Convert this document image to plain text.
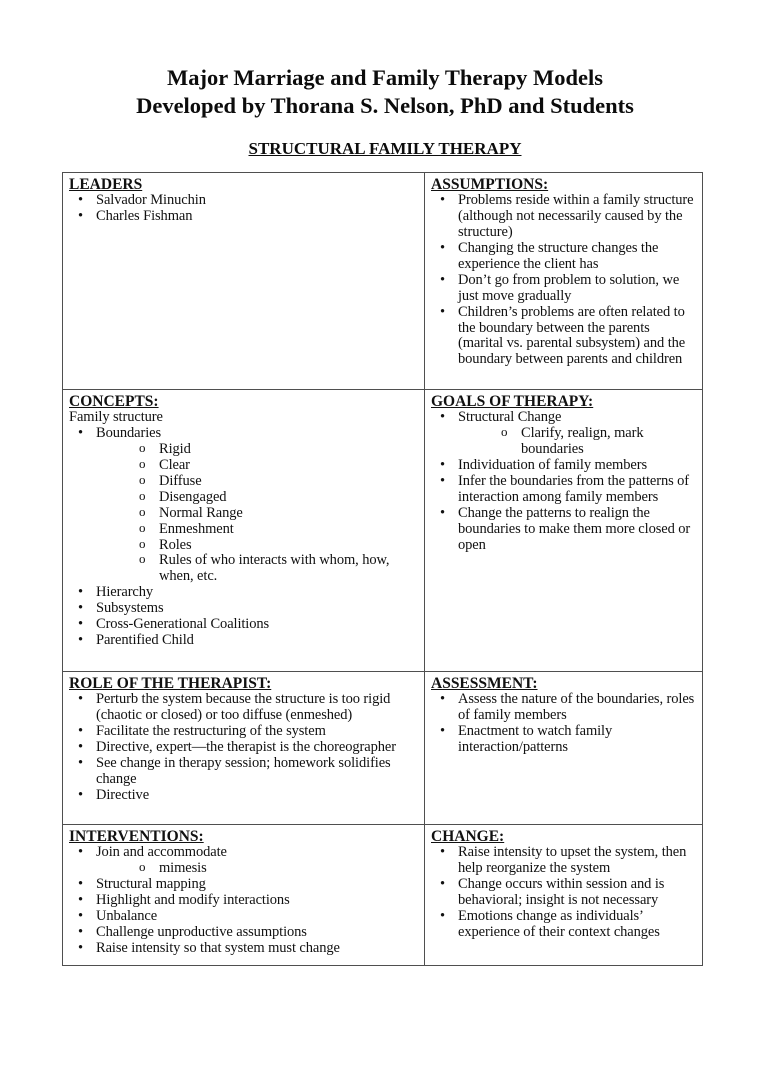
Major Marriage and Family Therapy Models
Developed by Thorana S. Nelson, PhD and Students
STRUCTURAL FAMILY THERAPY
LEADERS
• Salvador Minuchin
• Charles Fishman
ASSUMPTIONS:
• Problems reside within a family structure (although not necessarily caused by the structure)
• Changing the structure changes the experience the client has
• Don’t go from problem to solution, we just move gradually
• Children’s problems are often related to the boundary between the parents (marital vs. parental subsystem) and the boundary between parents and children
CONCEPTS:
Family structure
• Boundaries
o Rigid
o Clear
o Diffuse
o Disengaged
o Normal Range
o Enmeshment
o Roles
o Rules of who interacts with whom, how, when, etc.
• Hierarchy
• Subsystems
• Cross-Generational Coalitions
• Parentified Child
GOALS OF THERAPY:
• Structural Change
o Clarify, realign, mark boundaries
• Individuation of family members
• Infer the boundaries from the patterns of interaction among family members
• Change the patterns to realign the boundaries to make them more closed or open
ROLE OF THE THERAPIST:
• Perturb the system because the structure is too rigid (chaotic or closed) or too diffuse (enmeshed)
• Facilitate the restructuring of the system
• Directive, expert—the therapist is the choreographer
• See change in therapy session; homework solidifies change
• Directive
ASSESSMENT:
• Assess the nature of the boundaries, roles of family members
• Enactment to watch family interaction/patterns
INTERVENTIONS:
• Join and accommodate
o mimesis
• Structural mapping
• Highlight and modify interactions
• Unbalance
• Challenge unproductive assumptions
• Raise intensity so that system must change
CHANGE:
• Raise intensity to upset the system, then help reorganize the system
• Change occurs within session and is behavioral; insight is not necessary
• Emotions change as individuals’ experience of their context changes
